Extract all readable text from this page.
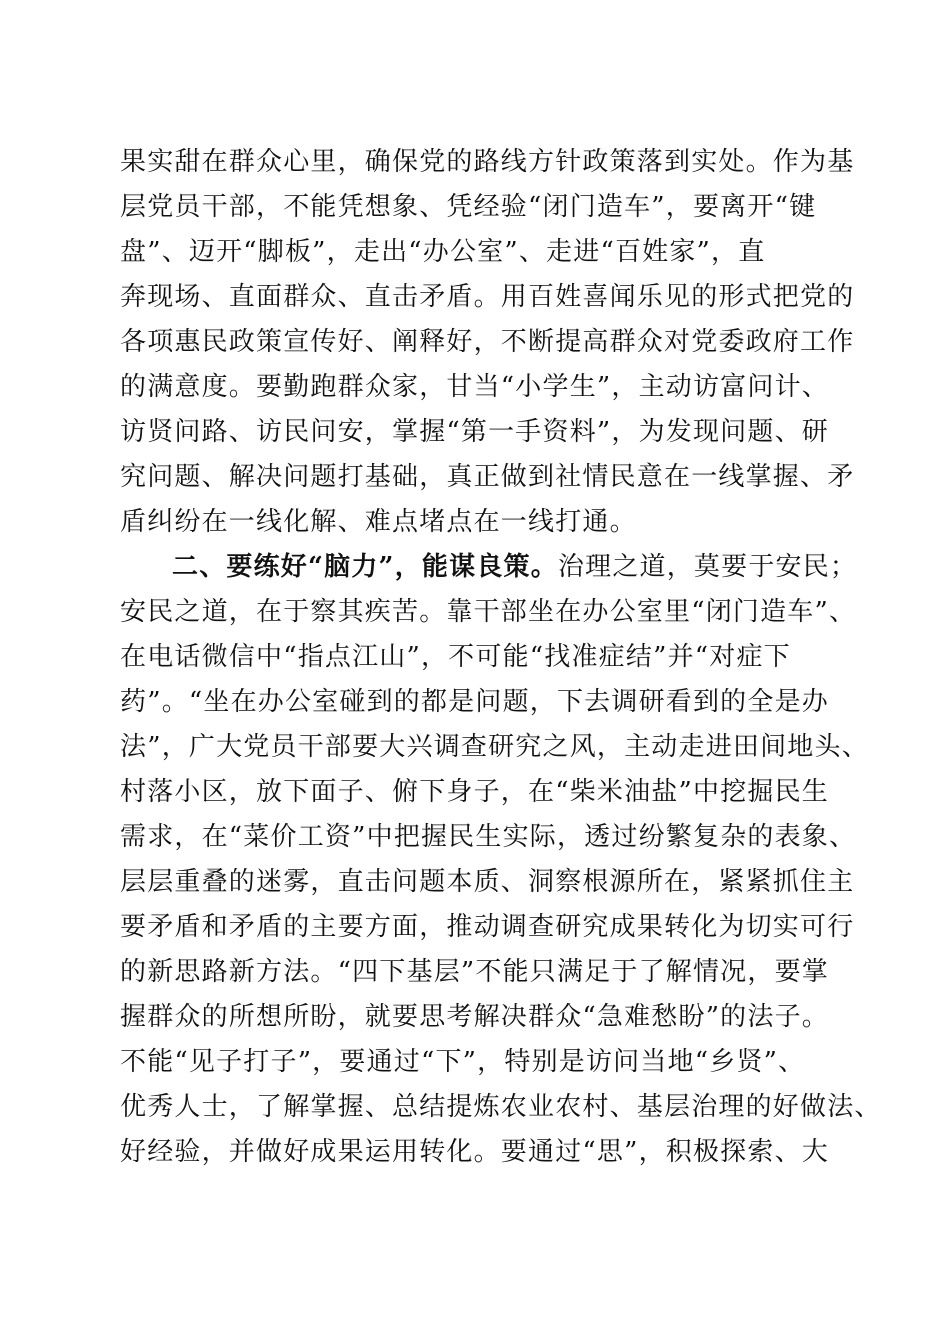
果实甜在群众心里，确保党的路线方针政策落到实处。作为基
层党员干部，不能凭想象、凭经验“闭门造车”，要离开“键
盘”、迈开“脚板”，走出“办公室”、走进“百姓家”，直
奔现场、直面群众、直击矛盾。用百姓喜闻乐见的形式把党的
各项惠民政策宣传好、阐释好，不断提高群众对党委政府工作
的满意度。要勤跑群众家，甘当“小学生”，主动访富问计、
访贤问路、访民问安，掌握“第一手资料”，为发现问题、研
究问题、解决问题打基础，真正做到社情民意在一线掌握、矛
盾纠纷在一线化解、难点堵点在一线打通。
二、要练好“脑力”，能谋良策。治理之道，莫要于安民；
安民之道，在于察其疾苦。靠干部坐在办公室里“闭门造车”、
在电话微信中“指点江山”，不可能“找准症结”并“对症下
药”。“坐在办公室碰到的都是问题，下去调研看到的全是办
法”，广大党员干部要大兴调查研究之风，主动走进田间地头、
村落小区，放下面子、俯下身子，在“柴米油盐”中挖掘民生
需求，在“菜价工资”中把握民生实际，透过纷繁复杂的表象、
层层重叠的迷雾，直击问题本质、洞察根源所在，紧紧抓住主
要矛盾和矛盾的主要方面，推动调查研究成果转化为切实可行
的新思路新方法。“四下基层”不能只满足于了解情况，要掌
握群众的所想所盼，就要思考解决群众“急难愁盼”的法子。
不能“见子打子”，要通过“下”，特别是访问当地“乡贤”、
优秀人士，了解掌握、总结提炼农业农村、基层治理的好做法、
好经验，并做好成果运用转化。要通过“思”，积极探索、大
